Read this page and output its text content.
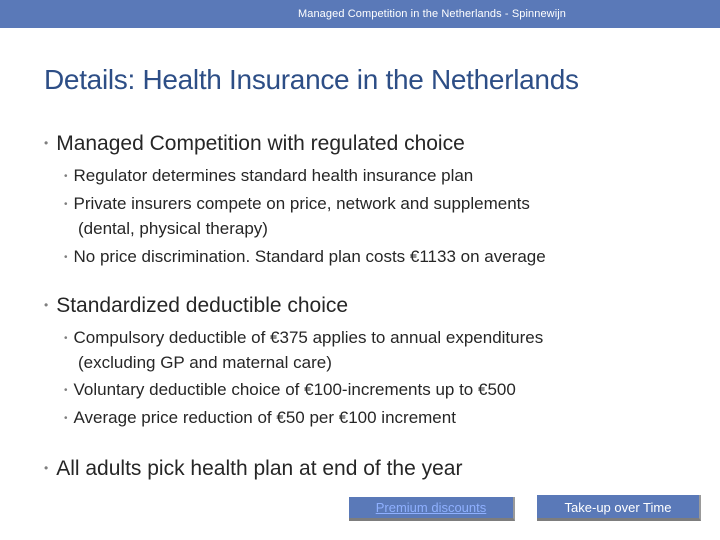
Managed Competition in the Netherlands - Spinnewijn
Details: Health Insurance in the Netherlands
• Managed Competition with regulated choice
• Regulator determines standard health insurance plan
• Private insurers compete on price, network and supplements
(dental, physical therapy)
• No price discrimination. Standard plan costs €1133 on average
• Standardized deductible choice
• Compulsory deductible of €375 applies to annual expenditures
(excluding GP and maternal care)
• Voluntary deductible choice of €100-increments up to €500
• Average price reduction of €50 per €100 increment
• All adults pick health plan at end of the year
Premium discounts	Take-up over Time
